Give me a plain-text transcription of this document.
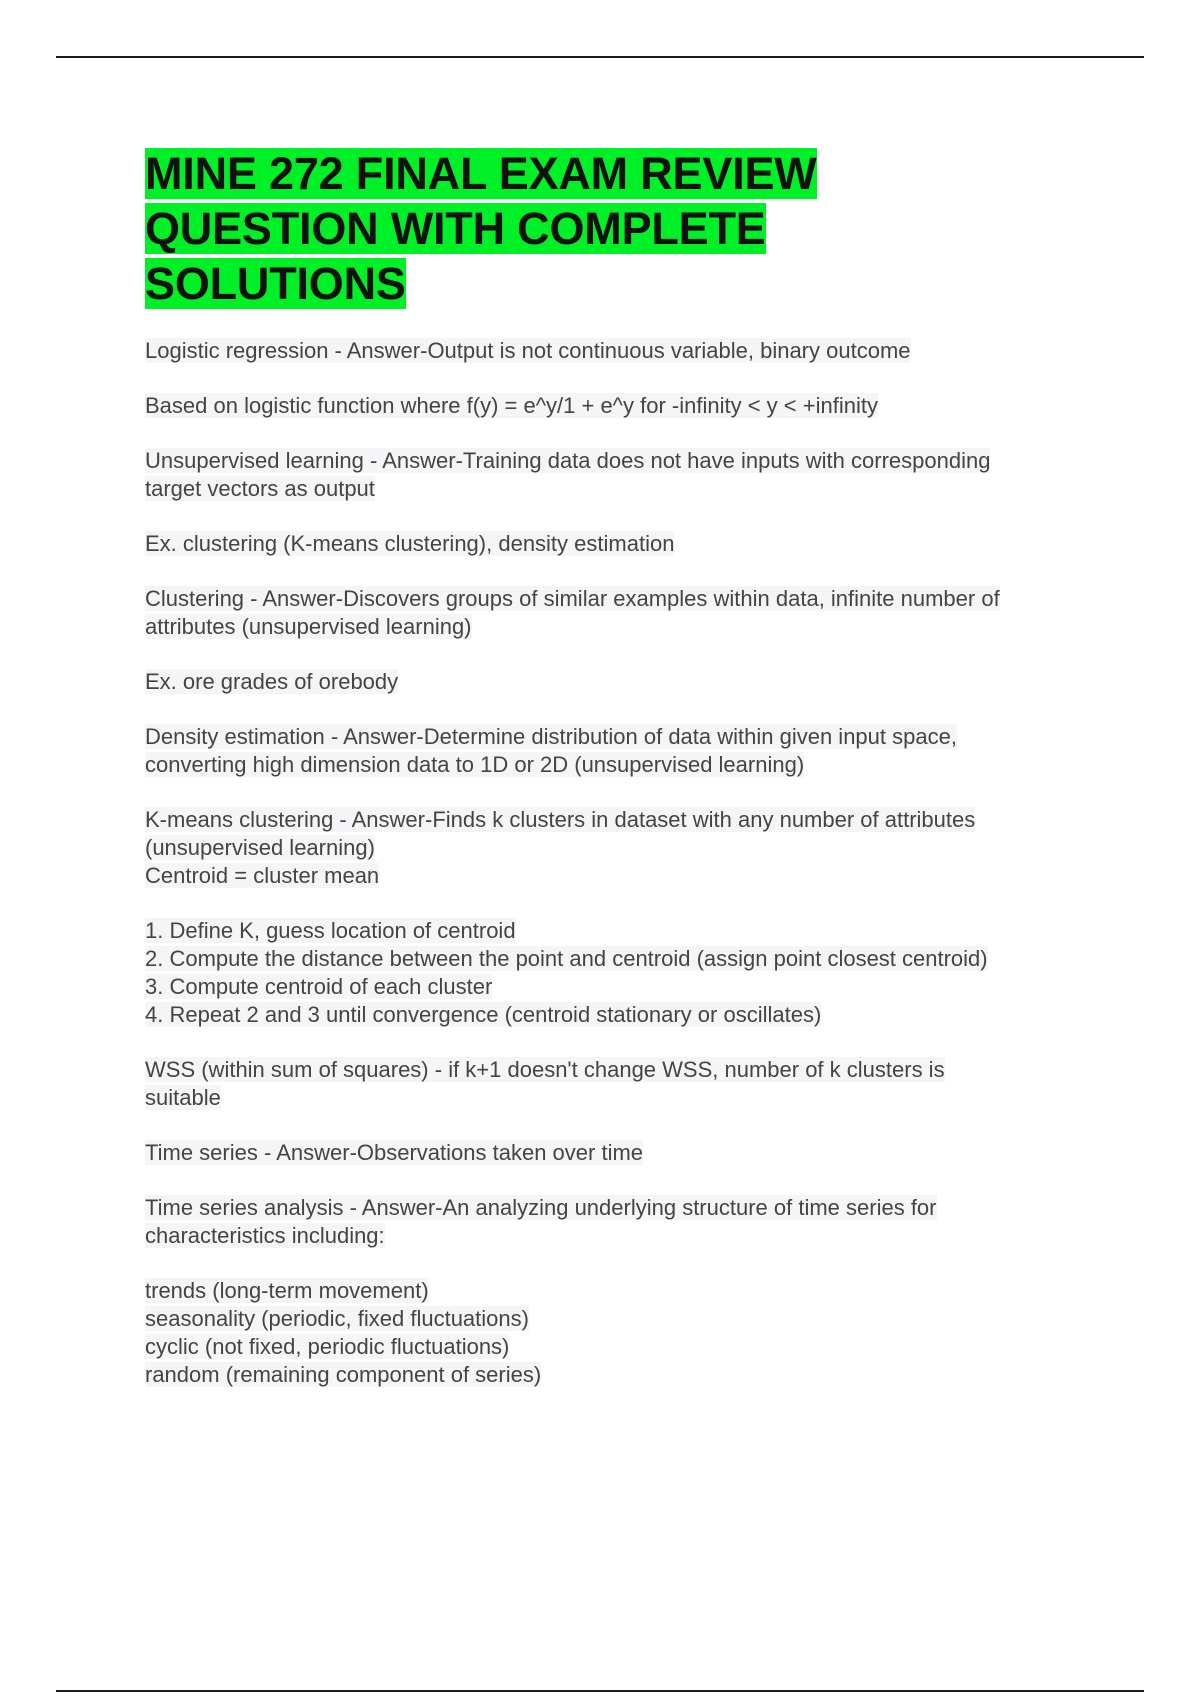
MINE 272 FINAL EXAM REVIEW
QUESTION WITH COMPLETE
SOLUTIONS
Logistic regression - Answer-Output is not continuous variable, binary outcome
Based on logistic function where f(y) = e^y/1 + e^y for -infinity < y < +infinity
Unsupervised learning - Answer-Training data does not have inputs with corresponding
target vectors as output
Ex. clustering (K-means clustering), density estimation
Clustering - Answer-Discovers groups of similar examples within data, infinite number of
attributes (unsupervised learning)
Ex. ore grades of orebody
Density estimation - Answer-Determine distribution of data within given input space,
converting high dimension data to 1D or 2D (unsupervised learning)
K-means clustering - Answer-Finds k clusters in dataset with any number of attributes
(unsupervised learning)
Centroid = cluster mean
1. Define K, guess location of centroid
2. Compute the distance between the point and centroid (assign point closest centroid)
3. Compute centroid of each cluster
4. Repeat 2 and 3 until convergence (centroid stationary or oscillates)
WSS (within sum of squares) - if k+1 doesn't change WSS, number of k clusters is
suitable
Time series - Answer-Observations taken over time
Time series analysis - Answer-An analyzing underlying structure of time series for
characteristics including:
trends (long-term movement)
seasonality (periodic, fixed fluctuations)
cyclic (not fixed, periodic fluctuations)
random (remaining component of series)
